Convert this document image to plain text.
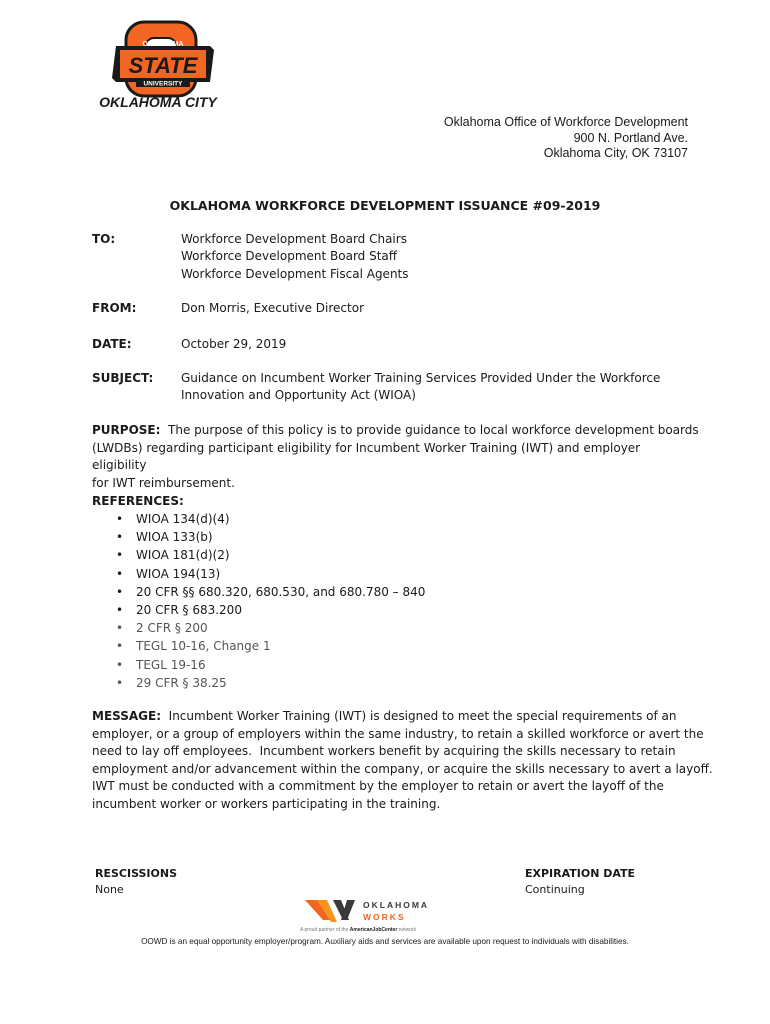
OKLAHOMA
STATE
UNIVERSITY
OKLAHOMA CITY
Oklahoma Office of Workforce Development
900 N. Portland Ave.
Oklahoma City, OK 73107
OKLAHOMA WORKFORCE DEVELOPMENT ISSUANCE #09-2019
TO:	Workforce Development Board Chairs
Workforce Development Board Staff
Workforce Development Fiscal Agents
FROM:	Don Morris, Executive Director
DATE:	October 29, 2019
SUBJECT: Guidance on Incumbent Worker Training Services Provided Under the Workforce
Innovation and Opportunity Act (WIOA)
PURPOSE:  The purpose of this policy is to provide guidance to local workforce development boards
(LWDBs) regarding participant eligibility for Incumbent Worker Training (IWT) and employer eligibility
for IWT reimbursement.
REFERENCES:
• WIOA 134(d)(4)
• WIOA 133(b)
• WIOA 181(d)(2)
• WIOA 194(13)
• 20 CFR §§ 680.320, 680.530, and 680.780 – 840
• 20 CFR § 683.200
• 2 CFR § 200
• TEGL 10-16, Change 1
• TEGL 19-16
• 29 CFR § 38.25
MESSAGE:  Incumbent Worker Training (IWT) is designed to meet the special requirements of an
employer, or a group of employers within the same industry, to retain a skilled workforce or avert the
need to lay off employees.  Incumbent workers benefit by acquiring the skills necessary to retain
employment and/or advancement within the company, or acquire the skills necessary to avert a layoff.
IWT must be conducted with a commitment by the employer to retain or avert the layoff of the
incumbent worker or workers participating in the training.
RESCISSIONS
None
EXPIRATION DATE
Continuing
OKLAHOMA
WORKS
A proud partner of the AmericanJobCenter network
OOWD is an equal opportunity employer/program. Auxiliary aids and services are available upon request to individuals with disabilities.
